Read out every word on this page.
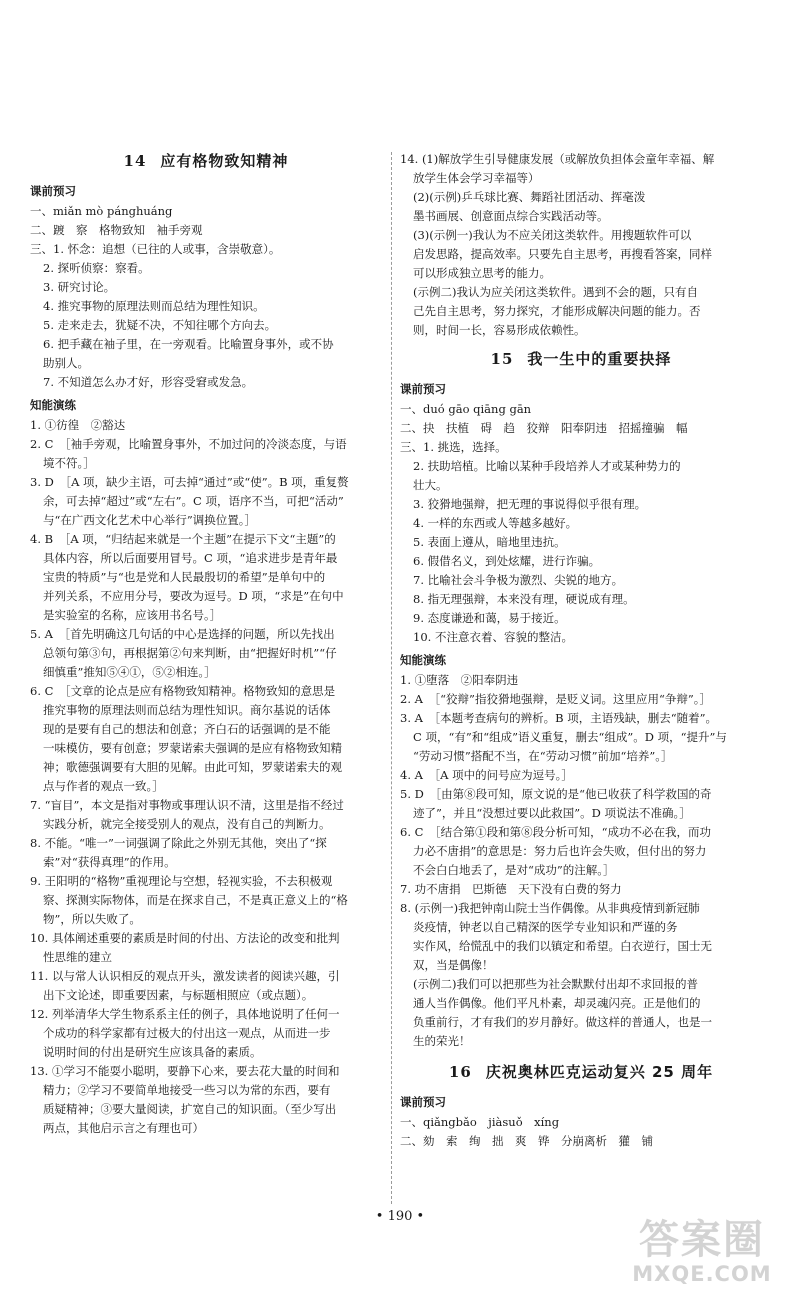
14 应有格物致知精神
课前预习
一、miǎn mò pánghuáng
二、踱　察　格物致知　袖手旁观
三、1. 怀念：追想（已往的人或事，含崇敬意）。
2. 探听侦察：察看。
3. 研究讨论。
4. 推究事物的原理法则而总结为理性知识。
5. 走来走去，犹疑不决，不知往哪个方向去。
6. 把手藏在袖子里，在一旁观看。比喻置身事外，或不协
助别人。
7. 不知道怎么办才好，形容受窘或发急。
知能演练
1. ①彷徨　②豁达
2. C　［袖手旁观，比喻置身事外，不加过问的冷淡态度，与语
境不符。］
3. D　［A 项，缺少主语，可去掉“通过”或“使”。B 项，重复赘
余，可去掉“超过”或“左右”。C 项，语序不当，可把“活动”
与“在广西文化艺术中心举行”调换位置。］
4. B　［A 项，“归结起来就是一个主题”在提示下文“主题”的
具体内容，所以后面要用冒号。C 项，“追求进步是青年最
宝贵的特质”与“也是党和人民最殷切的希望”是单句中的
并列关系，不应用分号，要改为逗号。D 项，“求是”在句中
是实验室的名称，应该用书名号。］
5. A　［首先明确这几句话的中心是选择的问题，所以先找出
总领句第③句，再根据第②句来判断，由“把握好时机”“仔
细慎重”推知⑤④①，⑤②相连。］
6. C　［文章的论点是应有格物致知精神。格物致知的意思是
推究事物的原理法则而总结为理性知识。商尔基说的话体
现的是要有自己的想法和创意；齐白石的话强调的是不能
一味模仿，要有创意；罗蒙诺索夫强调的是应有格物致知精
神；歌德强调要有大胆的见解。由此可知，罗蒙诺索夫的观
点与作者的观点一致。］
7. “盲目”，本文是指对事物或事理认识不清，这里是指不经过
实践分析，就完全接受别人的观点，没有自己的判断力。
8. 不能。“唯一”一词强调了除此之外别无其他，突出了“探
索”对“获得真理”的作用。
9. 王阳明的“格物”重视理论与空想，轻视实验，不去积极观
察、探测实际物体，而是在探求自己，不是真正意义上的“格
物”，所以失败了。
10. 具体阐述重要的素质是时间的付出、方法论的改变和批判
性思维的建立
11. 以与常人认识相反的观点开头，激发读者的阅读兴趣，引
出下文论述，即重要因素，与标题相照应（或点题）。
12. 列举清华大学生物系系主任的例子，具体地说明了任何一
个成功的科学家都有过极大的付出这一观点，从而进一步
说明时间的付出是研究生应该具备的素质。
13. ①学习不能耍小聪明，要静下心来，要去花大量的时间和
精力；②学习不要简单地接受一些习以为常的东西，要有
质疑精神；③要大量阅读，扩宽自己的知识面。（至少写出
两点，其他启示言之有理也可）
14. (1)解放学生引导健康发展（或解放负担体会童年幸福、解
放学生体会学习幸福等）
(2)(示例)乒乓球比赛、舞蹈社团活动、挥毫泼
墨书画展、创意面点综合实践活动等。
(3)(示例一)我认为不应关闭这类软件。用搜题软件可以
启发思路，提高效率。只要先自主思考，再搜看答案，同样
可以形成独立思考的能力。
(示例二)我认为应关闭这类软件。遇到不会的题，只有自
己先自主思考，努力探究，才能形成解决问题的能力。否
则，时间一长，容易形成依赖性。
15 我一生中的重要抉择
课前预习
一、duó gāo qiāng gān
二、抉　扶植　碍　趋　狡辩　阳奉阴违　招摇撞骗　幅
三、1. 挑选，选择。
2. 扶助培植。比喻以某种手段培养人才或某种势力的
壮大。
3. 狡猾地强辩，把无理的事说得似乎很有理。
4. 一样的东西或人等越多越好。
5. 表面上遵从，暗地里违抗。
6. 假借名义，到处炫耀，进行诈骗。
7. 比喻社会斗争极为激烈、尖锐的地方。
8. 指无理强辩，本来没有理，硬说成有理。
9. 态度谦逊和蔼，易于接近。
10. 不注意衣着、容貌的整洁。
知能演练
1. ①堕落　②阳奉阴违
2. A　［“狡辩”指狡猾地强辩，是贬义词。这里应用“争辩”。］
3. A　［本题考查病句的辨析。B 项，主语残缺，删去“随着”。
C 项，“有”和“组成”语义重复，删去“组成”。D 项，“提升”与
“劳动习惯”搭配不当，在“劳动习惯”前加“培养”。］
4. A　［A 项中的问号应为逗号。］
5. D　［由第⑧段可知，原文说的是“他已收获了科学救国的奇
迹了”，并且“没想过要以此救国”。D 项说法不准确。］
6. C　［结合第①段和第⑧段分析可知，“成功不必在我，而功
力必不唐捐”的意思是：努力后也许会失败，但付出的努力
不会白白地丢了，是对“成功”的注解。］
7. 功不唐捐　巴斯德　天下没有白费的努力
8. (示例一)我把钟南山院士当作偶像。从非典疫情到新冠肺
炎疫情，钟老以自己精深的医学专业知识和严谨的务
实作风，给慌乱中的我们以镇定和希望。白衣逆行，国士无
双，当是偶像！
(示例二)我们可以把那些为社会默默付出却不求回报的普
通人当作偶像。他们平凡朴素，却灵魂闪亮。正是他们的
负重前行，才有我们的岁月静好。做这样的普通人，也是一
生的荣光！
16 庆祝奥林匹克运动复兴 25 周年
课前预习
一、qiǎngbǎo　jiàsuǒ　xíng
二、劾　索　绚　拙　爽　铧　分崩离析　獾　铺
• 190 •
答案圈
MXQE.COM
